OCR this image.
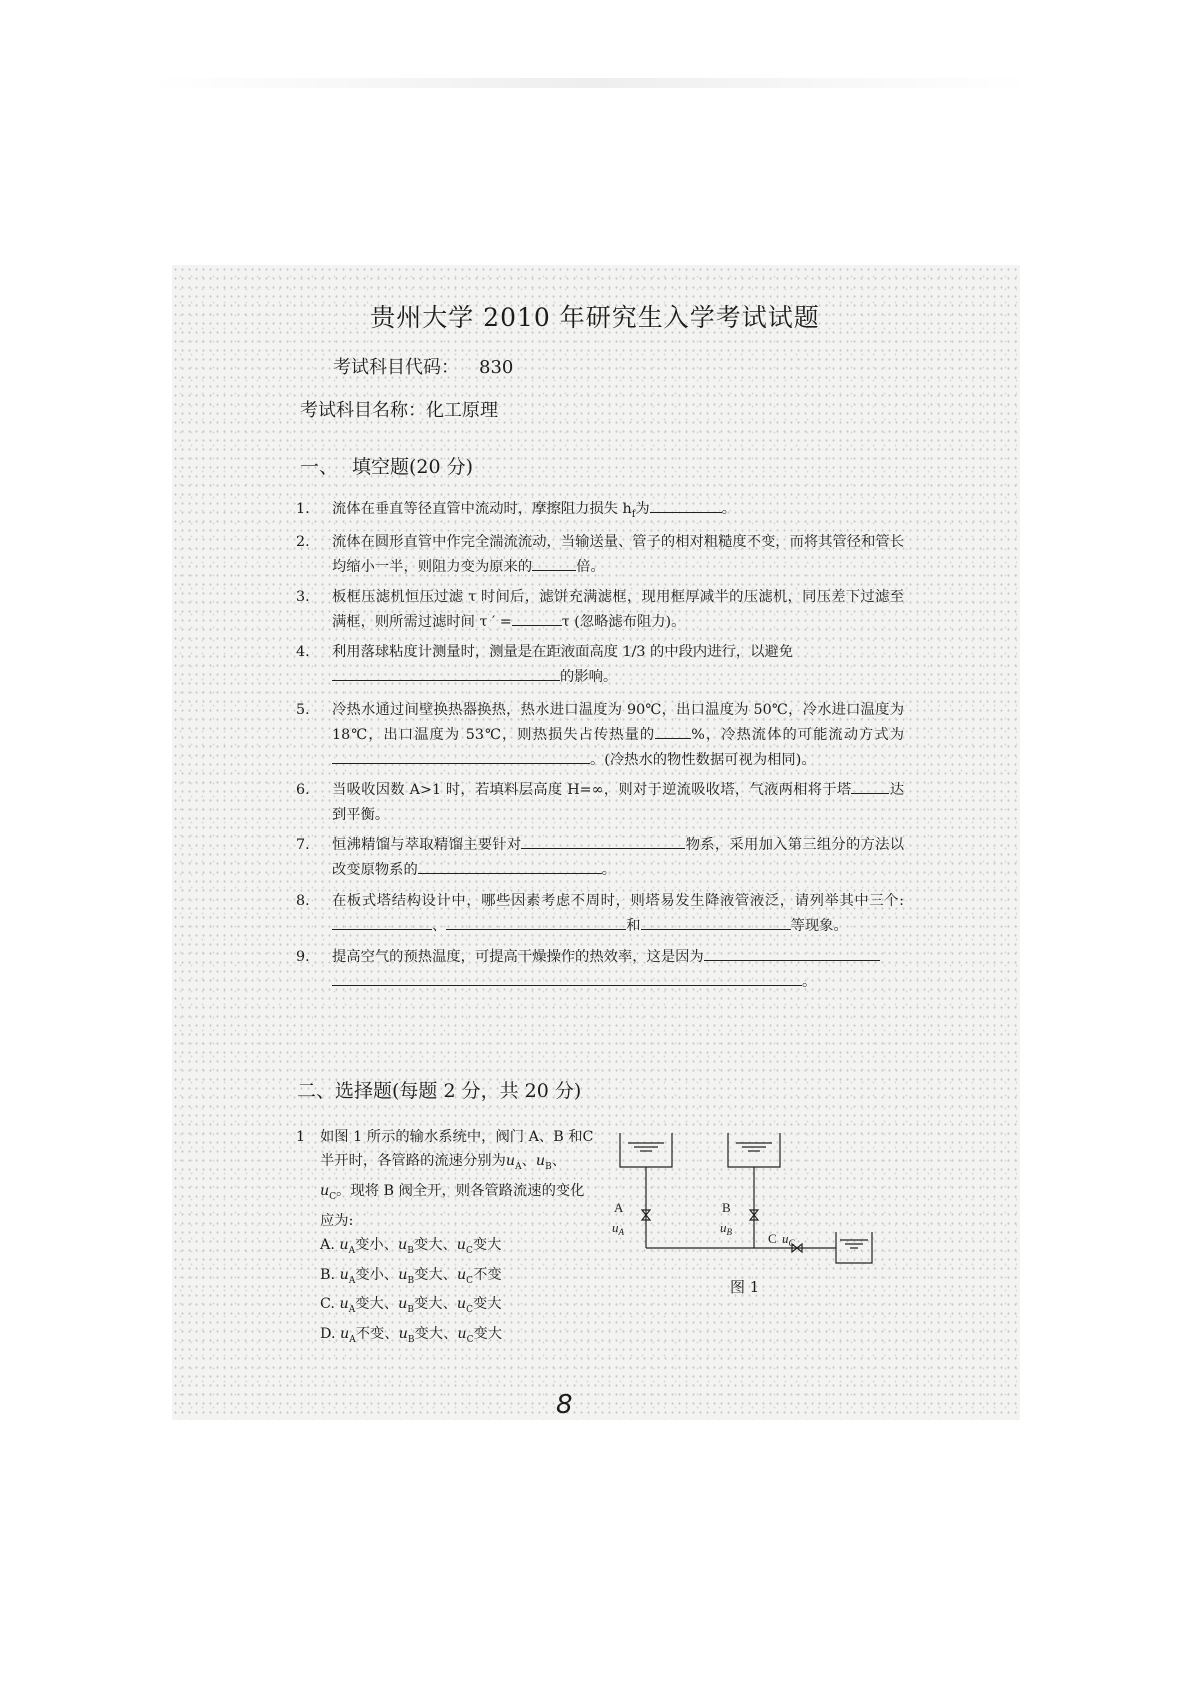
贵州大学 2010 年研究生入学考试试题
考试科目代码： 830
考试科目名称：化工原理
一、 填空题(20 分)
1.	流体在垂直等径直管中流动时，摩擦阻力损失 $h_f$为	。
2.	流体在圆形直管中作完全湍流流动，当输送量、管子的相对粗糙度不变，而将其管径和管长均缩小一半，则阻力变为原来的	倍。
3.	板框压滤机恒压过滤 τ 时间后，滤饼充满滤框，现用框厚减半的压滤机，同压差下过滤至满框，则所需过滤时间 τ ′ =	τ (忽略滤布阻力)。
4.	利用落球粘度计测量时，测量是在距液面高度 1/3 的中段内进行，以避免
的影响。
5.	冷热水通过间壁换热器换热，热水进口温度为 90℃，出口温度为 50℃，冷水进口温度为 18℃，出口温度为 53℃，则热损失占传热量的	%，冷热流体的可能流动方式为。(冷热水的物性数据可视为相同)。
6.	当吸收因数 A>1 时，若填料层高度 H=∞，则对于逆流吸收塔，气液两相将于塔	达到平衡。
7.	恒沸精馏与萃取精馏主要针对	物系，采用加入第三组分的方法以改变原物系的	。
8.	在板式塔结构设计中，哪些因素考虑不周时，则塔易发生降液管液泛，请列举其中三个:、	和	等现象。
9.	提高空气的预热温度，可提高干燥操作的热效率，这是因为
。
二、选择题(每题 2 分，共 20 分)
1 如图 1 所示的输水系统中，阀门 A、B 和C半开时，各管路的流速分别为$u_A$、$u_B$、$u_C$。现将 B 阀全开，则各管路流速的变化应为:
A. $u_A$变小、$u_B$变大、$u_C$变大
B. $u_A$变小、$u_B$变大、$u_C$不变
C. $u_A$变大、$u_B$变大、$u_C$变大
D. $u_A$不变、$u_B$变大、$u_C$变大
A
$u_A$
B
$u_B$	C $u_C$
图 1
8
